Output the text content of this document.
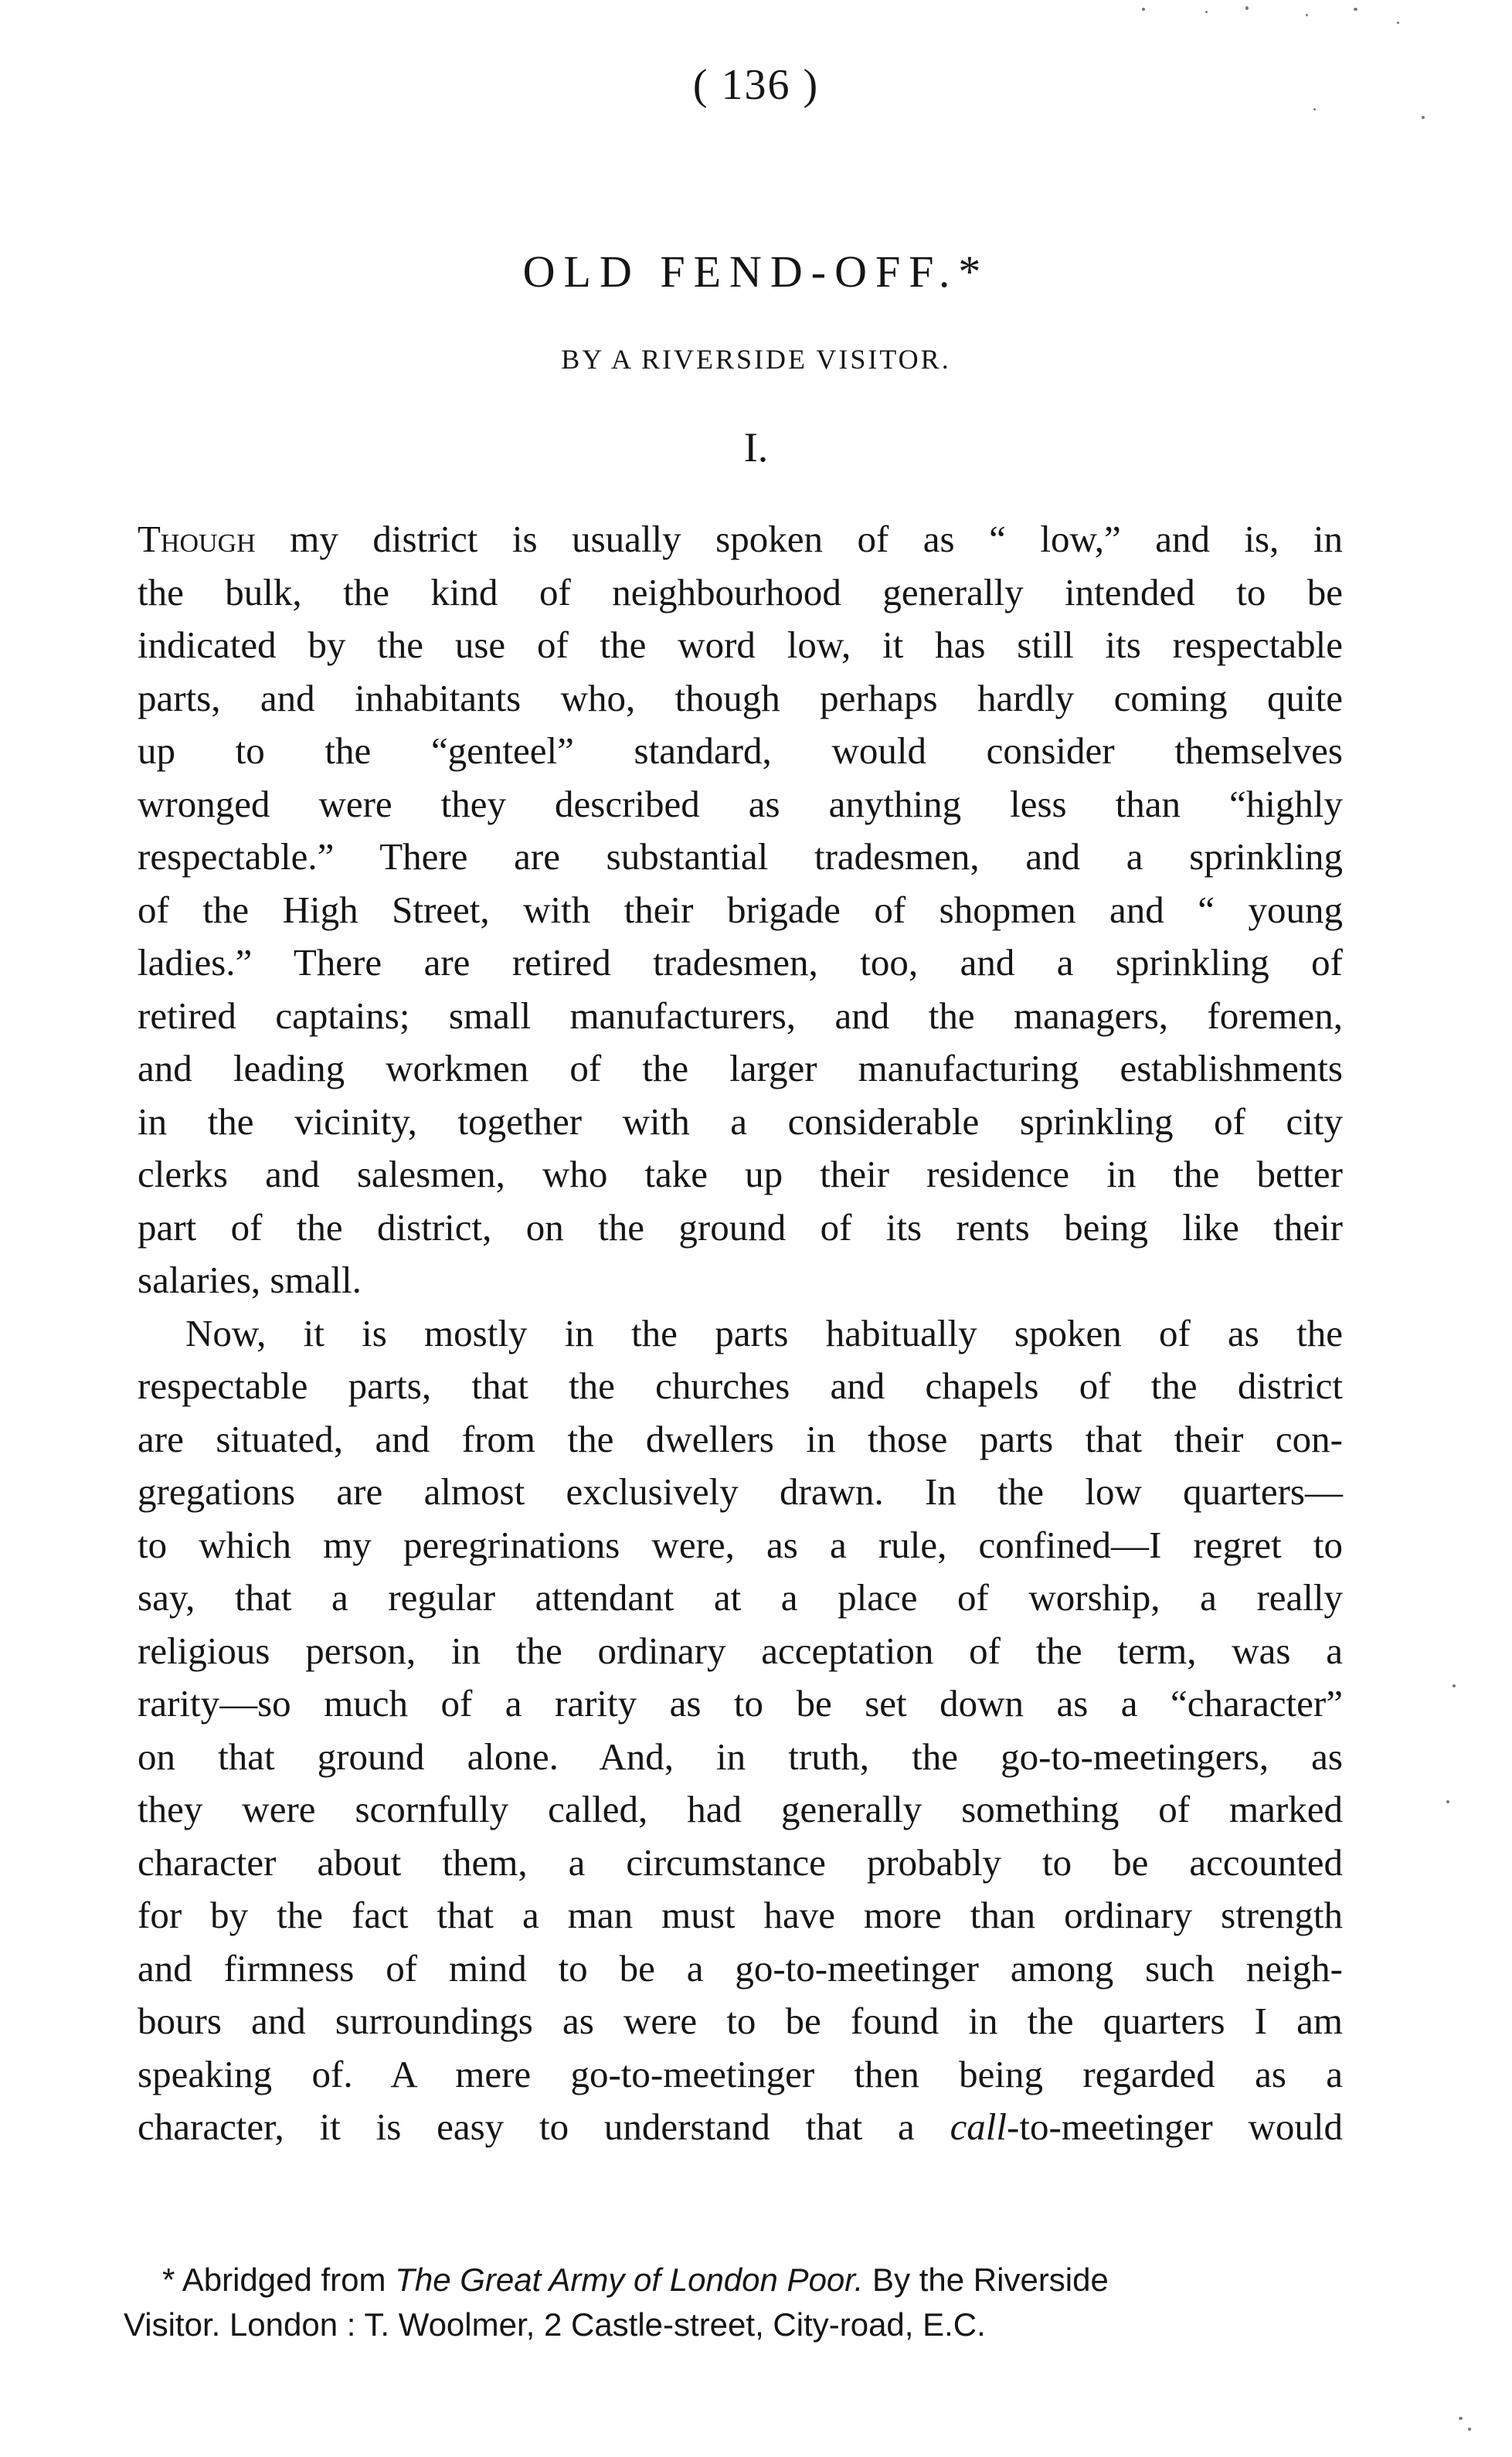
( 136 )
OLD FEND-OFF.*
BY A RIVERSIDE VISITOR.
I.
Though my district is usually spoken of as “ low,” and is, in
the bulk, the kind of neighbourhood generally intended to be
indicated by the use of the word low, it has still its respectable
parts, and inhabitants who, though perhaps hardly coming quite
up to the “genteel” standard, would consider themselves
wronged were they described as anything less than “highly
respectable.” There are substantial tradesmen, and a sprinkling
of the High Street, with their brigade of shopmen and “ young
ladies.” There are retired tradesmen, too, and a sprinkling of
retired captains; small manufacturers, and the managers, foremen,
and leading workmen of the larger manufacturing establishments
in the vicinity, together with a considerable sprinkling of city
clerks and salesmen, who take up their residence in the better
part of the district, on the ground of its rents being like their
salaries, small.
Now, it is mostly in the parts habitually spoken of as the
respectable parts, that the churches and chapels of the district
are situated, and from the dwellers in those parts that their con-
gregations are almost exclusively drawn. In the low quarters—
to which my peregrinations were, as a rule, confined—I regret to
say, that a regular attendant at a place of worship, a really
religious person, in the ordinary acceptation of the term, was a
rarity—so much of a rarity as to be set down as a “character”
on that ground alone. And, in truth, the go-to-meetingers, as
they were scornfully called, had generally something of marked
character about them, a circumstance probably to be accounted
for by the fact that a man must have more than ordinary strength
and firmness of mind to be a go-to-meetinger among such neigh-
bours and surroundings as were to be found in the quarters I am
speaking of. A mere go-to-meetinger then being regarded as a
character, it is easy to understand that a call-to-meetinger would
* Abridged from The Great Army of London Poor. By the Riverside
Visitor. London : T. Woolmer, 2 Castle-street, City-road, E.C.
